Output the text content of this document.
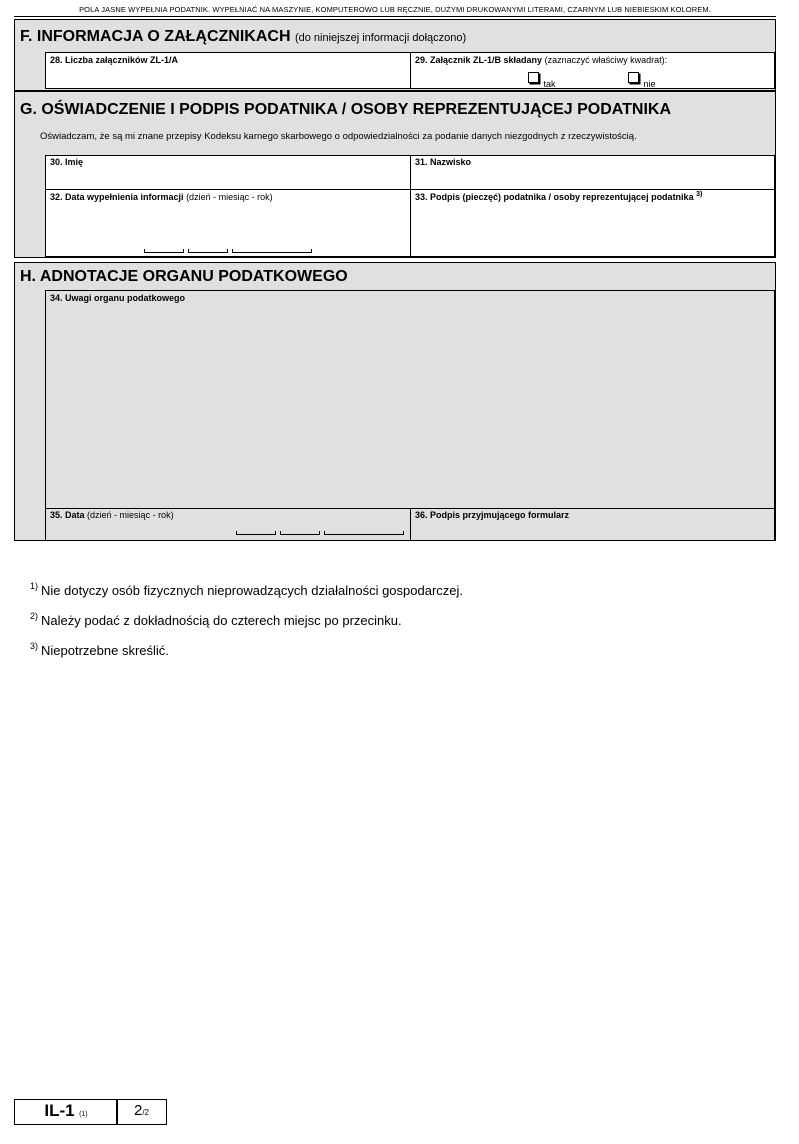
POLA JASNE WYPEŁNIA PODATNIK. WYPEŁNIAĆ NA MASZYNIE, KOMPUTEROWO LUB RĘCZNIE, DUŻYMI DRUKOWANYMI LITERAMI, CZARNYM LUB NIEBIESKIM KOLOREM.
F. INFORMACJA O ZAŁĄCZNIKACH (do niniejszej informacji dołączono)
28. Liczba załączników ZL-1/A	29. Załącznik ZL-1/B składany (zaznaczyć właściwy kwadrat):
$_{tak}$	$_{nie}$
G. OŚWIADCZENIE I PODPIS PODATNIKA / OSOBY REPREZENTUJĄCEJ PODATNIKA
Oświadczam, że są mi znane przepisy Kodeksu karnego skarbowego o odpowiedzialności za podanie danych niezgodnych z rzeczywistością.
30. Imię	31. Nazwisko
32. Data wypełnienia informacji (dzień - miesiąc - rok)	33. Podpis (pieczęć) podatnika / osoby reprezentującej podatnika $^{3)}$
H. ADNOTACJE ORGANU PODATKOWEGO
34. Uwagi organu podatkowego
35. Data (dzień - miesiąc - rok)	36. Podpis przyjmującego formularz
$^{1)}$ Nie dotyczy osób fizycznych nieprowadzących działalności gospodarczej.
$^{2)}$ Należy podać z dokładnością do czterech miejsc po przecinku.
$^{3)}$ Niepotrzebne skreślić.
IL-1 (1)	2/2
